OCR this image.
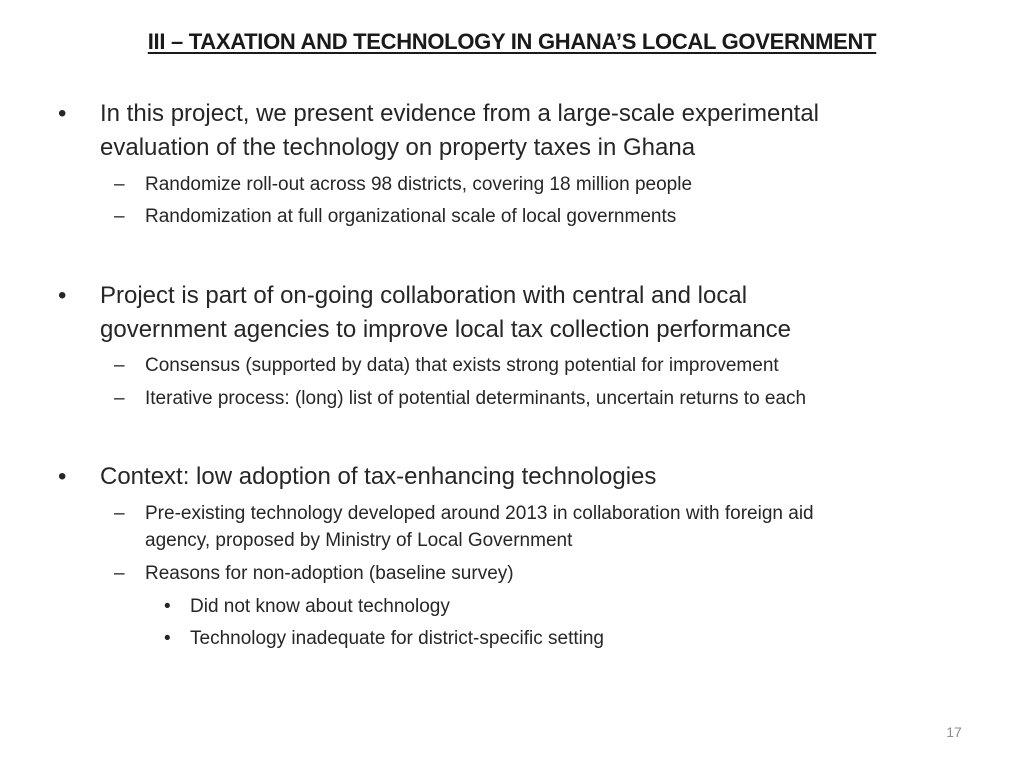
III – TAXATION AND TECHNOLOGY IN GHANA’S LOCAL GOVERNMENT
•	In this project, we present evidence from a large-scale experimental
evaluation of the technology on property taxes in Ghana
– Randomize roll-out across 98 districts, covering 18 million people
– Randomization at full organizational scale of local governments
•	Project is part of on-going collaboration with central and local
government agencies to improve local tax collection performance
– Consensus (supported by data) that exists strong potential for improvement
– Iterative process: (long) list of potential determinants, uncertain returns to each
•	Context: low adoption of tax-enhancing technologies
– Pre-existing technology developed around 2013 in collaboration with foreign aid
agency, proposed by Ministry of Local Government
– Reasons for non-adoption (baseline survey)
• Did not know about technology
• Technology inadequate for district-specific setting
17
